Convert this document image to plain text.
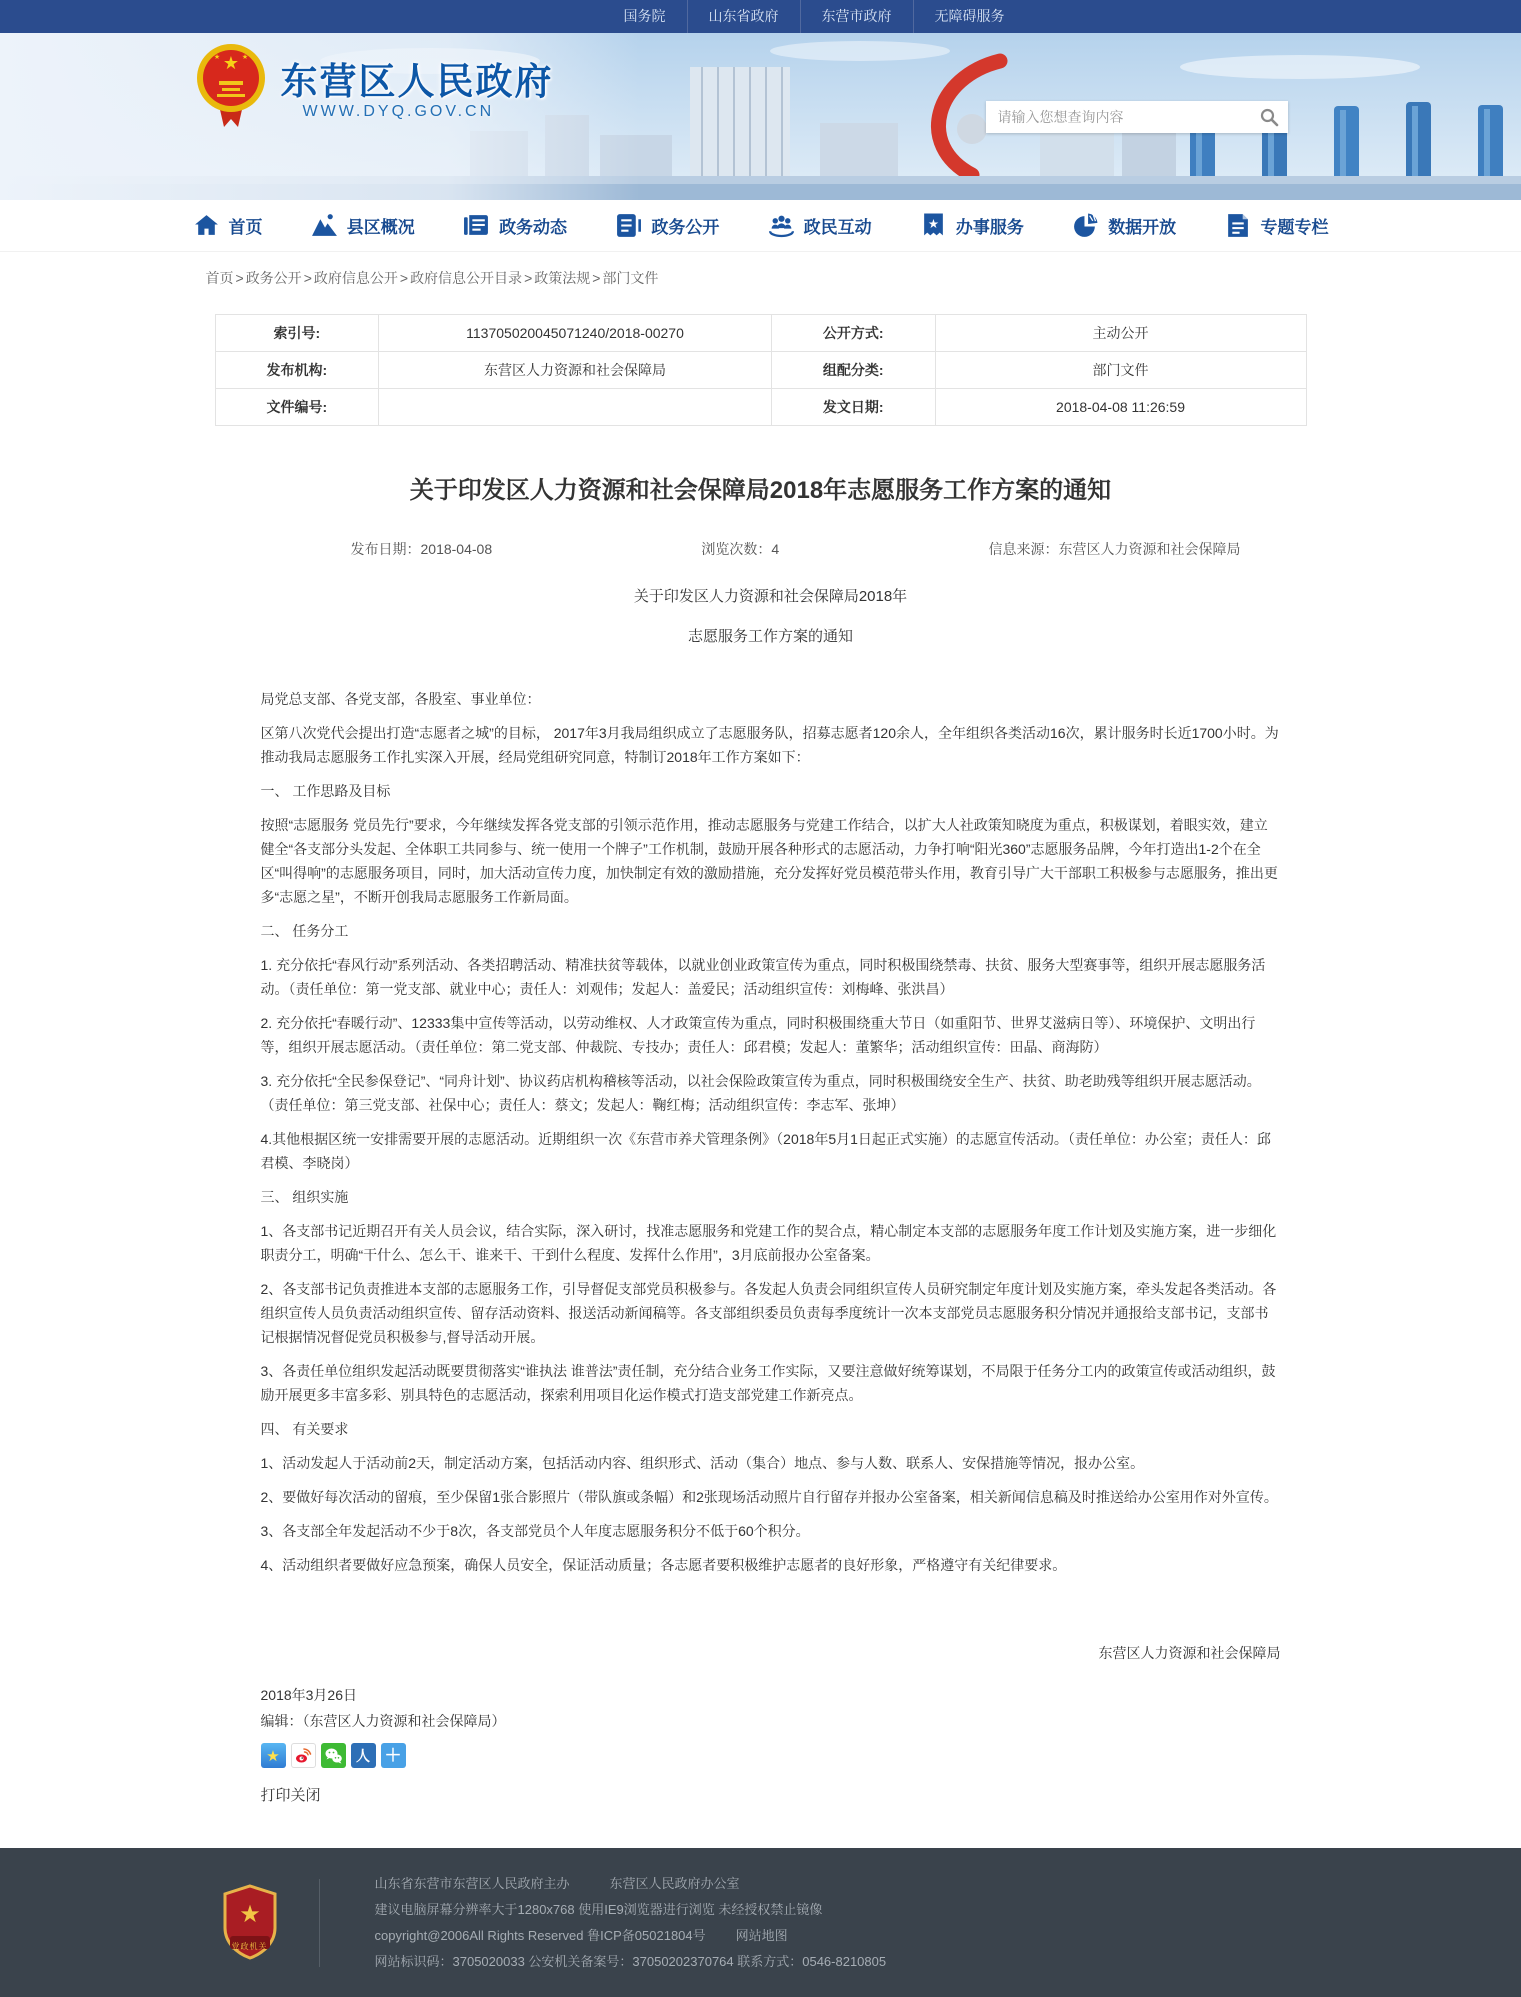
国务院	山东省政府	东营市政府	无障碍服务
★
★	★
东营区人民政府
WWW.DYQ.GOV.CN
请输入您想查询内容
首页	县区概况	政务动态	政务公开	政民互动	★ 办事服务	数据开放	专题专栏
首页 > 政务公开 > 政府信息公开 > 政府信息公开目录 > 政策法规 > 部门文件
索引号:	113705020045071240/2018-00270	公开方式:	主动公开
发布机构:	东营区人力资源和社会保障局	组配分类:	部门文件
文件编号:		发文日期:	2018-04-08 11:26:59
关于印发区人力资源和社会保障局2018年志愿服务工作方案的通知
发布日期：2018-04-08	浏览次数：4	信息来源：东营区人力资源和社会保障局

关于印发区人力资源和社会保障局2018年

志愿服务工作方案的通知

局党总支部、各党支部，各股室、事业单位：

区第八次党代会提出打造“志愿者之城”的目标， 2017年3月我局组织成立了志愿服务队，招募志愿者120余人，全年组织各类活动16次，累计服务时长近1700小时。为推动我局志愿服务工作扎实深入开展，经局党组研究同意，特制订2018年工作方案如下：

一、 工作思路及目标

按照“志愿服务 党员先行”要求，今年继续发挥各党支部的引领示范作用，推动志愿服务与党建工作结合，以扩大人社政策知晓度为重点，积极谋划，着眼实效，建立健全“各支部分头发起、全体职工共同参与、统一使用一个牌子”工作机制，鼓励开展各种形式的志愿活动，力争打响“阳光360”志愿服务品牌，今年打造出1-2个在全区“叫得响”的志愿服务项目，同时，加大活动宣传力度，加快制定有效的激励措施，充分发挥好党员模范带头作用，教育引导广大干部职工积极参与志愿服务，推出更多“志愿之星”，不断开创我局志愿服务工作新局面。

二、 任务分工

1. 充分依托“春风行动”系列活动、各类招聘活动、精准扶贫等载体，以就业创业政策宣传为重点，同时积极围绕禁毒、扶贫、服务大型赛事等，组织开展志愿服务活动。（责任单位：第一党支部、就业中心；责任人：刘观伟；发起人：盖爱民；活动组织宣传：刘梅峰、张洪昌）

2. 充分依托“春暖行动”、12333集中宣传等活动，以劳动维权、人才政策宣传为重点，同时积极围绕重大节日（如重阳节、世界艾滋病日等）、环境保护、文明出行等，组织开展志愿活动。（责任单位：第二党支部、仲裁院、专技办；责任人：邱君模；发起人：董繁华；活动组织宣传：田晶、商海防）

3. 充分依托“全民参保登记”、“同舟计划”、协议药店机构稽核等活动，以社会保险政策宣传为重点，同时积极围绕安全生产、扶贫、助老助残等组织开展志愿活动。（责任单位：第三党支部、社保中心；责任人：蔡文；发起人：鞠红梅；活动组织宣传：李志军、张坤）

4.其他根据区统一安排需要开展的志愿活动。近期组织一次《东营市养犬管理条例》（2018年5月1日起正式实施）的志愿宣传活动。（责任单位：办公室；责任人：邱君模、李晓岗）

三、 组织实施

1、各支部书记近期召开有关人员会议，结合实际，深入研讨，找准志愿服务和党建工作的契合点，精心制定本支部的志愿服务年度工作计划及实施方案，进一步细化职责分工，明确“干什么、怎么干、谁来干、干到什么程度、发挥什么作用”，3月底前报办公室备案。

2、各支部书记负责推进本支部的志愿服务工作，引导督促支部党员积极参与。各发起人负责会同组织宣传人员研究制定年度计划及实施方案，牵头发起各类活动。各组织宣传人员负责活动组织宣传、留存活动资料、报送活动新闻稿等。各支部组织委员负责每季度统计一次本支部党员志愿服务积分情况并通报给支部书记，支部书记根据情况督促党员积极参与,督导活动开展。

3、各责任单位组织发起活动既要贯彻落实“谁执法 谁普法”责任制，充分结合业务工作实际，又要注意做好统筹谋划，不局限于任务分工内的政策宣传或活动组织，鼓励开展更多丰富多彩、别具特色的志愿活动，探索利用项目化运作模式打造支部党建工作新亮点。

四、 有关要求

1、活动发起人于活动前2天，制定活动方案，包括活动内容、组织形式、活动（集合）地点、参与人数、联系人、安保措施等情况，报办公室。

2、要做好每次活动的留痕，至少保留1张合影照片（带队旗或条幅）和2张现场活动照片自行留存并报办公室备案，相关新闻信息稿及时推送给办公室用作对外宣传。

3、各支部全年发起活动不少于8次，各支部党员个人年度志愿服务积分不低于60个积分。

4、活动组织者要做好应急预案，确保人员安全，保证活动质量；各志愿者要积极维护志愿者的良好形象，严格遵守有关纪律要求。

东营区人力资源和社会保障局
2018年3月26日
编辑：（东营区人力资源和社会保障局）
★	人 ＋
打印关闭
★
党政机关
山东省东营市东营区人民政府主办	东营区人民政府办公室
建议电脑屏幕分辨率大于1280x768 使用IE9浏览器进行浏览 未经授权禁止镜像
copyright@2006All Rights Reserved 鲁ICP备05021804号 网站地图
网站标识码：3705020033 公安机关备案号：37050202370764 联系方式：0546-8210805
